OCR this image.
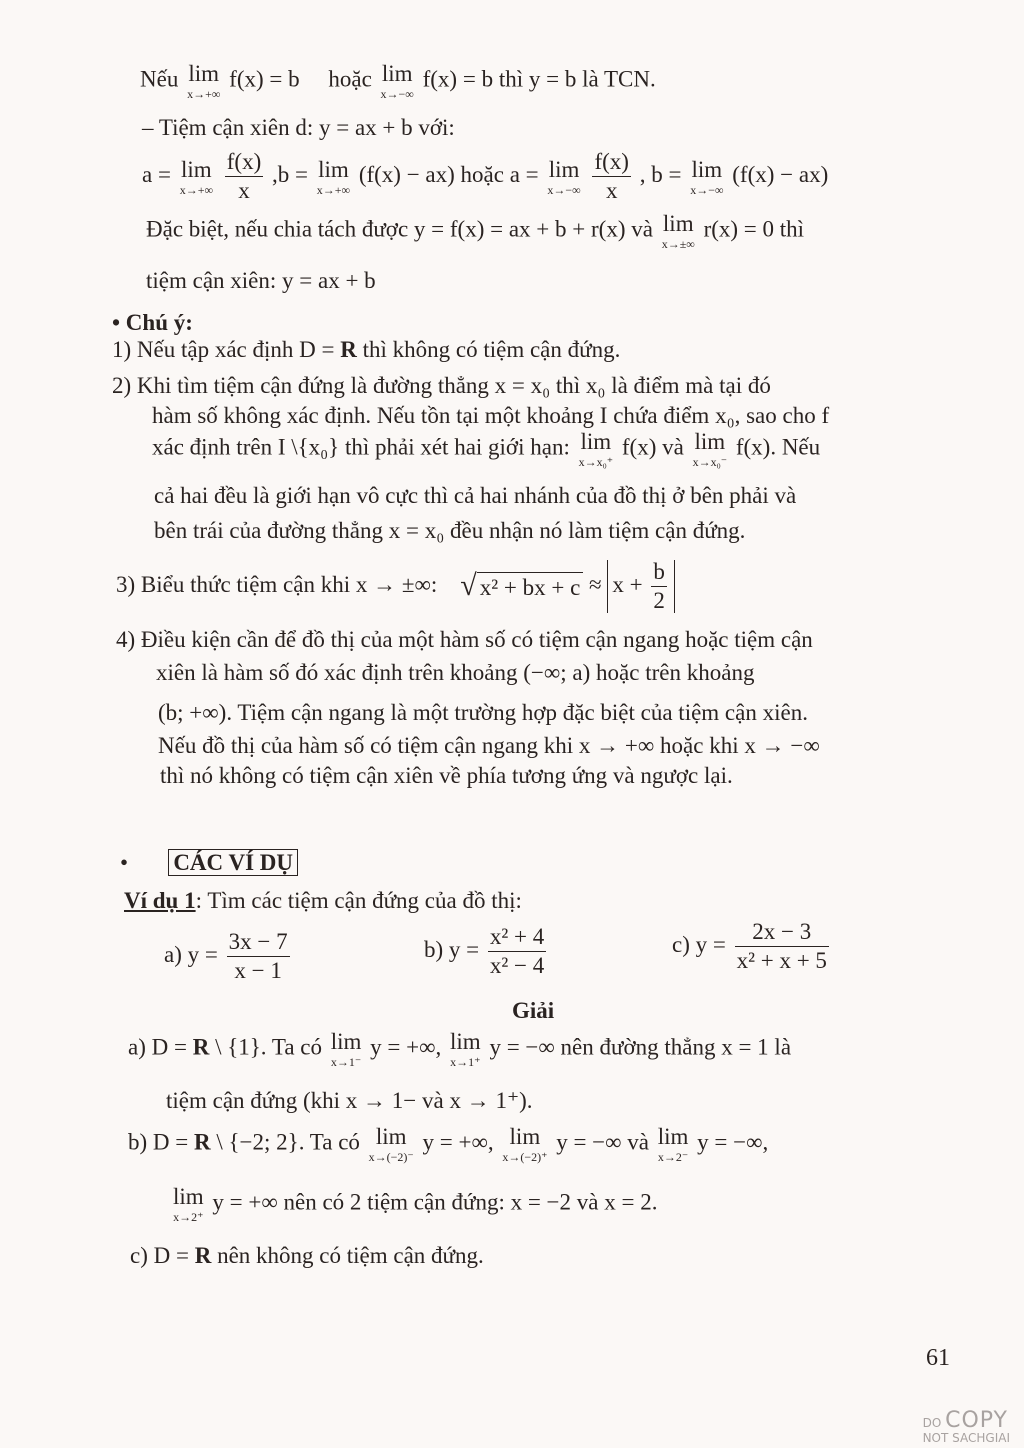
Nếu lim
x→+∞
f(x) = b     hoặc lim
x→−∞
f(x) = b thì y = b là TCN.
– Tiệm cận xiên d: y = ax + b với:
a = lim
x→+∞
$\frac{f(x)}{x} ,b = \lim$
x→+∞
(f(x) − ax) hoặc a = lim
x→−∞
$\frac{f(x)}{x}$ , b = lim
x→−∞
(f(x) − ax)
Đặc biệt, nếu chia tách được y = f(x) = ax + b + r(x) và lim
x→±∞
r(x) = 0 thì
tiệm cận xiên: y = ax + b
• Chú ý:
1) Nếu tập xác định D = R thì không có tiệm cận đứng.
2) Khi tìm tiệm cận đứng là đường thẳng x = x₀ thì x₀ là điểm mà tại đó
hàm số không xác định. Nếu tồn tại một khoảng I chứa điểm x₀, sao cho f
xác định trên I \{x₀} thì phải xét hai giới hạn: lim
x→x₀⁺
f(x) và lim
x→x₀⁻
f(x). Nếu
cả hai đều là giới hạn vô cực thì cả hai nhánh của đồ thị ở bên phải và
bên trái của đường thẳng x = x₀ đều nhận nó làm tiệm cận đứng.
3) Biểu thức tiệm cận khi x → ±∞: √ x² + bx + $c \approx x + \frac{b}{2}$
4) Điều kiện cần để đồ thị của một hàm số có tiệm cận ngang hoặc tiệm cận
xiên là hàm số đó xác định trên khoảng (−∞; a) hoặc trên khoảng
(b; +∞). Tiệm cận ngang là một trường hợp đặc biệt của tiệm cận xiên.
Nếu đồ thị của hàm số có tiệm cận ngang khi x → +∞ hoặc khi x → −∞
thì nó không có tiệm cận xiên về phía tương ứng và ngược lại.
• CÁC VÍ DỤ
Ví dụ 1: Tìm các tiệm cận đứng của đồ thị:
a) $y = \frac{3x - 7}{x - 1}$	b) $y = \frac{\text{x² + 4}}{\text{x² − 4}}$	c) $y = \frac{2x - 3}{\text{x² + x + 5}}$
Giải
a) D = R \ {1}. Ta có lim
x→1⁻
y = +∞, lim
x→1⁺
y = −∞ nên đường thẳng x = 1 là
tiệm cận đứng (khi x → 1− và x → 1⁺).
b) D = R \ {−2; 2}. Ta có lim
x→(−2)⁻
y = +∞, lim
x→(−2)⁺
y = −∞ và lim
x→2⁻
y = −∞,
lim
x→2⁺
y = +∞ nên có 2 tiệm cận đứng: x = −2 và x = 2.
c) D = R nên không có tiệm cận đứng.
61
DO COPY
NOT SACHGIAI
